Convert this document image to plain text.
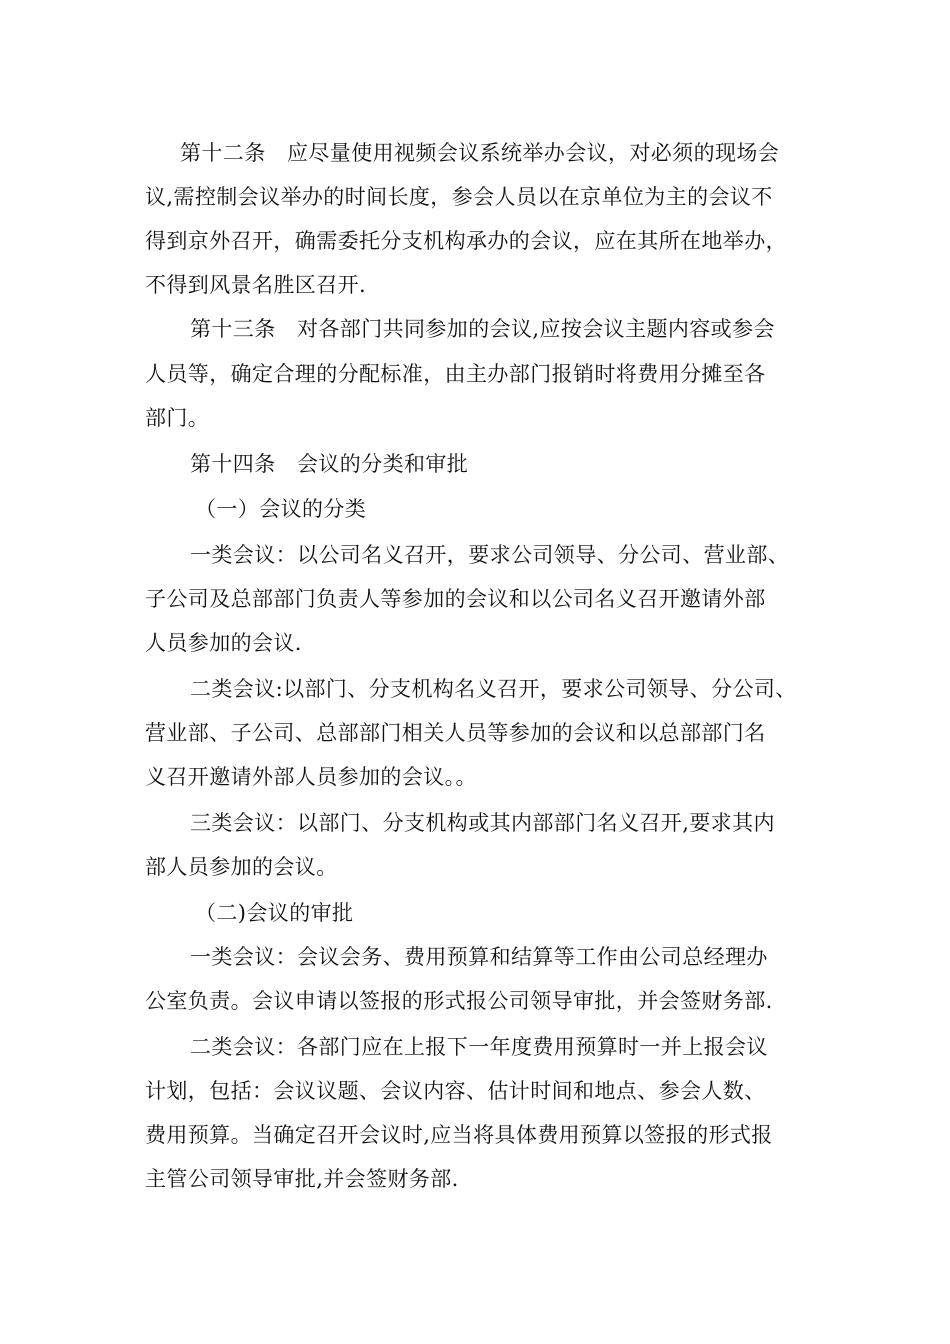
第十二条　应尽量使用视频会议系统举办会议，对必须的现场会
议,需控制会议举办的时间长度，参会人员以在京单位为主的会议不
得到京外召开，确需委托分支机构承办的会议，应在其所在地举办，
不得到风景名胜区召开.
第十三条　对各部门共同参加的会议,应按会议主题内容或参会
人员等，确定合理的分配标准，由主办部门报销时将费用分摊至各
部门。
第十四条　会议的分类和审批
（一）会议的分类
一类会议：以公司名义召开，要求公司领导、分公司、营业部、
子公司及总部部门负责人等参加的会议和以公司名义召开邀请外部
人员参加的会议.
二类会议:以部门、分支机构名义召开，要求公司领导、分公司、
营业部、子公司、总部部门相关人员等参加的会议和以总部部门名
义召开邀请外部人员参加的会议。。
三类会议：以部门、分支机构或其内部部门名义召开,要求其内
部人员参加的会议。
（二)会议的审批
一类会议：会议会务、费用预算和结算等工作由公司总经理办
公室负责。会议申请以签报的形式报公司领导审批，并会签财务部.
二类会议：各部门应在上报下一年度费用预算时一并上报会议
计划，包括：会议议题、会议内容、估计时间和地点、参会人数、
费用预算。当确定召开会议时,应当将具体费用预算以签报的形式报
主管公司领导审批,并会签财务部.
